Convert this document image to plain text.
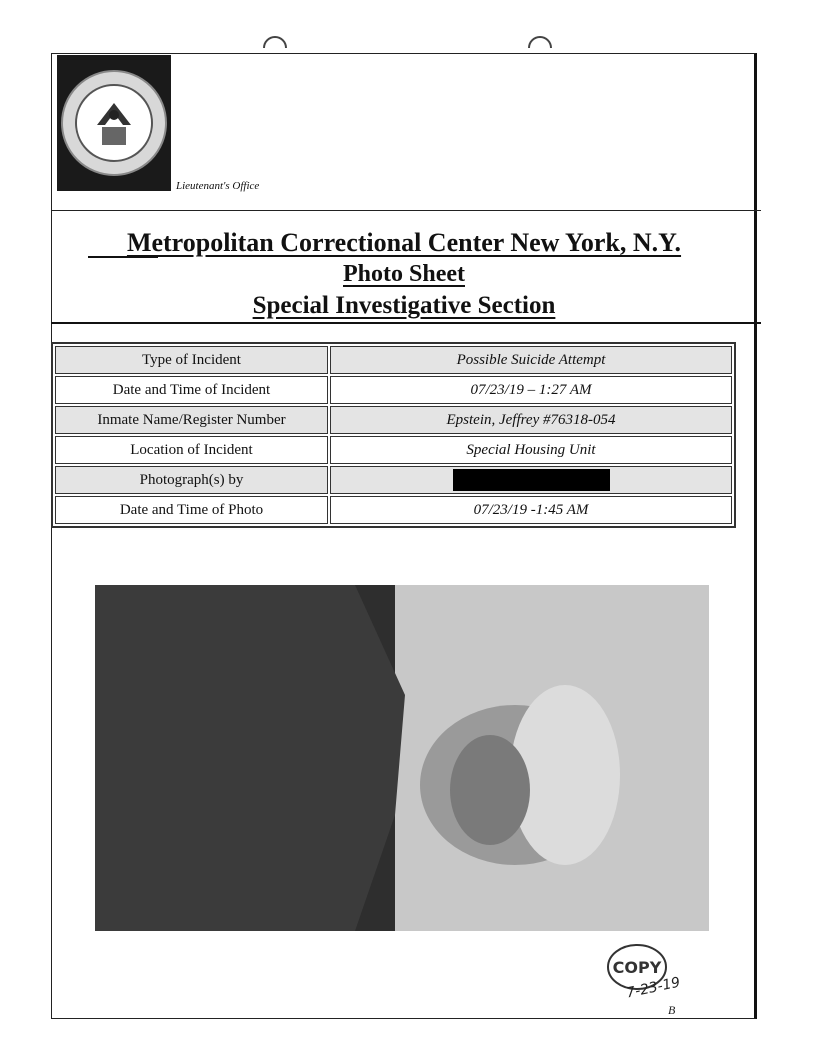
Lieutenant's Office
Metropolitan Correctional Center New York, N.Y.
Photo Sheet
Special Investigative Section
Type of Incident	Possible Suicide Attempt
Date and Time of Incident	07/23/19 – 1:27 AM
Inmate Name/Register Number	Epstein, Jeffrey #76318-054
Location of Incident	Special Housing Unit
Photograph(s) by	
Date and Time of Photo	07/23/19 -1:45 AM
COPY
7-23-19
B
